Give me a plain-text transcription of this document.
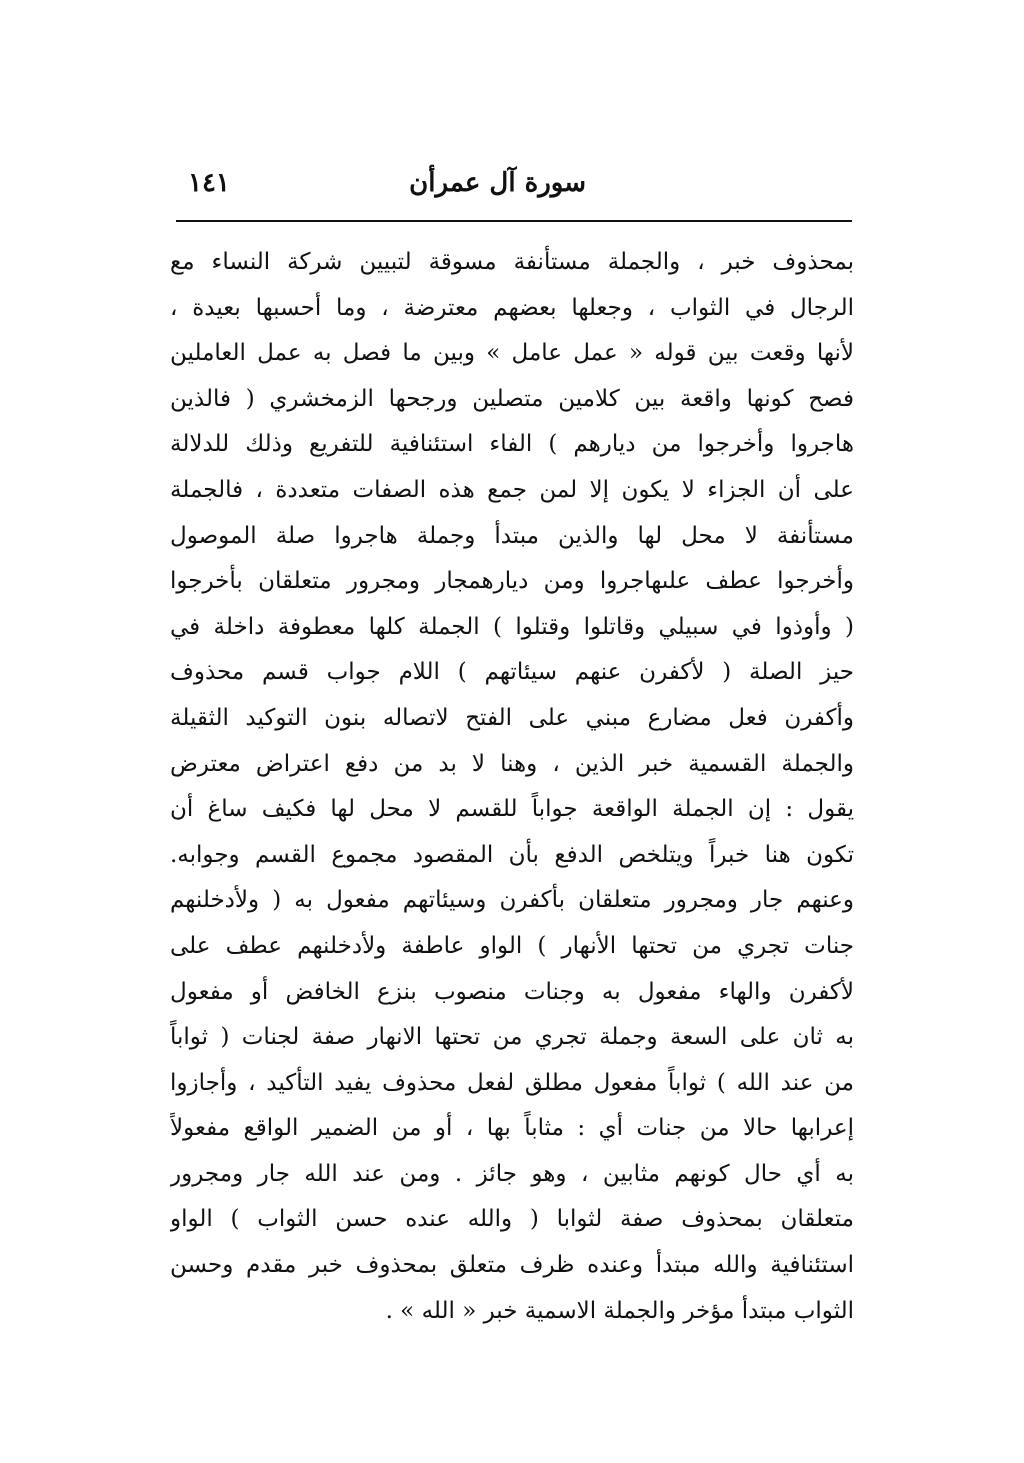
سورة آل عمرأن
١٤١
بمحذوف خبر ، والجملة مستأنفة مسوقة لتبيين شركة النساء مع
الرجال في الثواب ، وجعلها بعضهم معترضة ، وما أحسبها بعيدة ،
لأنها وقعت بين قوله « عمل عامل » وبين ما فصل به عمل العاملين
فصح كونها واقعة بين كلامين متصلين ورجحها الزمخشري ( فالذين
هاجروا وأخرجوا من ديارهم ) الفاء استئنافية للتفريع وذلك للدلالة
على أن الجزاء لا يكون إلا لمن جمع هذه الصفات متعددة ، فالجملة
مستأنفة لا محل لها والذين مبتدأ وجملة هاجروا صلة الموصول
وأخرجوا عطف علىهاجروا ومن ديارهمجار ومجرور متعلقان بأخرجوا
( وأوذوا في سبيلي وقاتلوا وقتلوا ) الجملة كلها معطوفة داخلة في
حيز الصلة ( لأكفرن عنهم سيئاتهم ) اللام جواب قسم محذوف
وأكفرن فعل مضارع مبني على الفتح لاتصاله بنون التوكيد الثقيلة
والجملة القسمية خبر الذين ، وهنا لا بد من دفع اعتراض معترض
يقول : إن الجملة الواقعة جواباً للقسم لا محل لها فكيف ساغ أن
تكون هنا خبراً ويتلخص الدفع بأن المقصود مجموع القسم وجوابه.
وعنهم جار ومجرور متعلقان بأكفرن وسيئاتهم مفعول به ( ولأدخلنهم
جنات تجري من تحتها الأنهار ) الواو عاطفة ولأدخلنهم عطف على
لأكفرن والهاء مفعول به وجنات منصوب بنزع الخافض أو مفعول
به ثان على السعة وجملة تجري من تحتها الانهار صفة لجنات ( ثواباً
من عند الله ) ثواباً مفعول مطلق لفعل محذوف يفيد التأكيد ، وأجازوا
إعرابها حالا من جنات أي : مثاباً بها ، أو من الضمير الواقع مفعولاً
به أي حال كونهم مثابين ، وهو جائز . ومن عند الله جار ومجرور
متعلقان بمحذوف صفة لثوابا ( والله عنده حسن الثواب ) الواو
استئنافية والله مبتدأ وعنده ظرف متعلق بمحذوف خبر مقدم وحسن
الثواب مبتدأ مؤخر والجملة الاسمية خبر « الله » .
